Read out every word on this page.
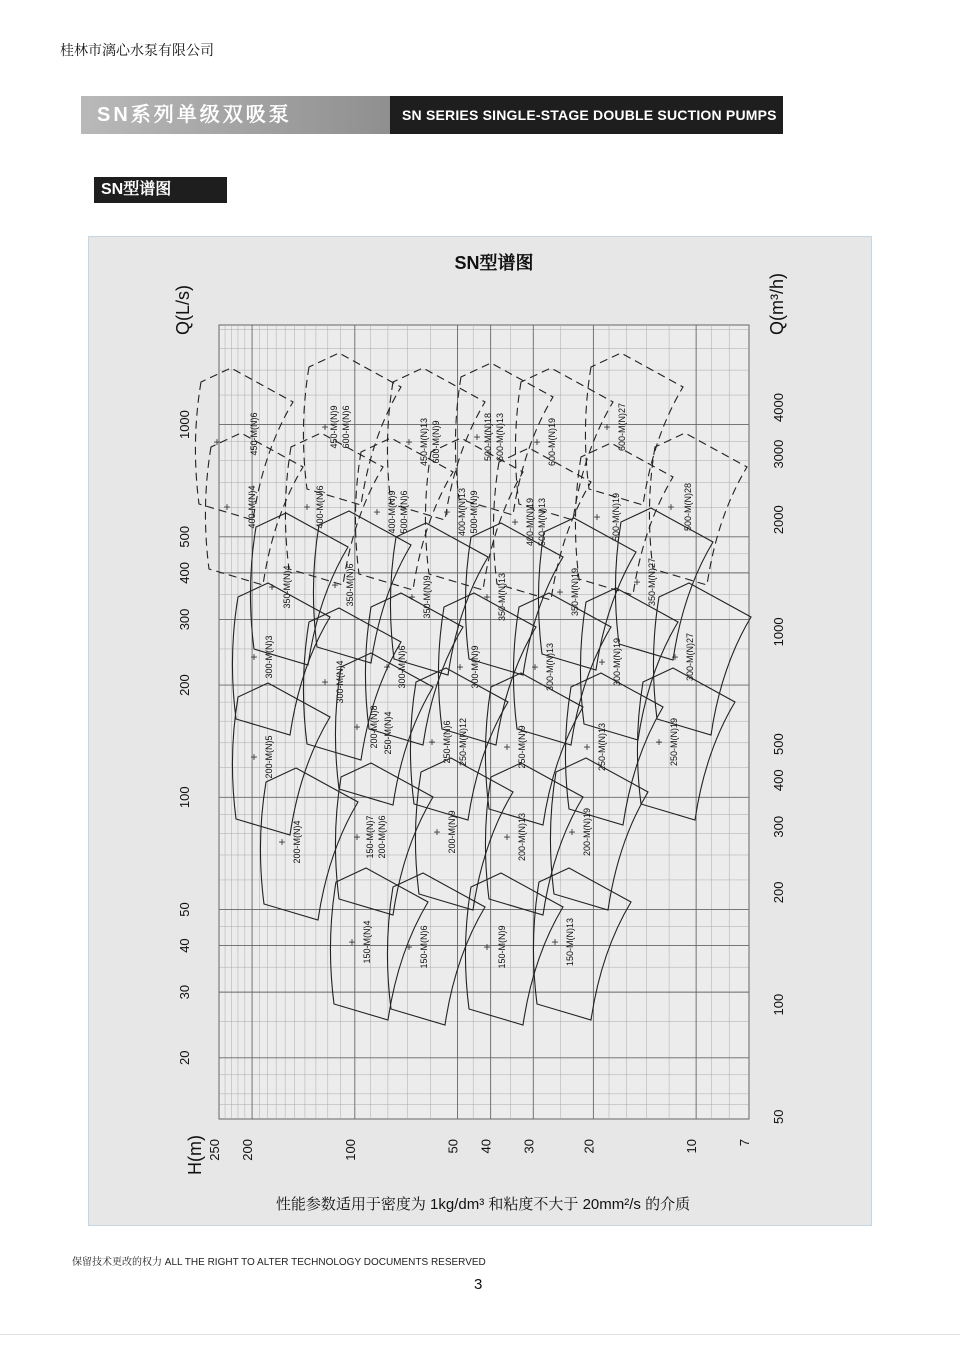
桂林市漓心水泵有限公司
SN系列单级双吸泵	SN SERIES SINGLE-STAGE DOUBLE SUCTION PUMPS
SN型谱图
SN型谱图
250 200	100	50 40 30	20	10	7
1000
500
400
300
200
100
50
40
30
20
4000
3000
2000
1000
500
400
300
200
100
50
H(m)
Q(L/s)	Q(m³/h)
性能参数适用于密度为 1kg/dm³ 和粘度不大于 20mm²/s 的介质
+	450-M(N)6	+ 450-M(N)9 600-M(N)6	+ 450-M(N)13 600-M(N)9	+ 500-M(N)18 600-M(N)13 + 600-M(N)19	+ 600-M(N)27
+ 400-M(N)4	+ 400-M(N)6	+ 400-M(N)9 500-M(N)6	+ 400-M(N)13 500-M(N)9	+ 400-M(N)19 500-M(N)13	+ 500-M(N)19	+ 500-M(N)28
+ 350-M(N)4	+ 350-M(N)6	+ 350-M(N)9	+ 350-M(N)13	+ 350-M(N)19	+ 350-M(N)27
+ 300-M(N)3
+ 300-M(N)4	+ 300-M(N)6	+ 300-M(N)9	+ 300-M(N)13	+ 300-M(N)19	+ 300-M(N)27
+ 200-M(N)5
+ 200-M(N)8 250-M(N)4	+ 250-M(N)6 250-M(N)12	+ 250-M(N)9	+ 250-M(N)13	+ 250-M(N)19
+ 200-M(N)4	+ 150-M(N)7 200-M(N)6	+ 200-M(N)9	+ 200-M(N)13	+ 200-M(N)19
+ 150-M(N)4	+ 150-M(N)6	+ 150-M(N)9	+ 150-M(N)13
保留技术更改的权力 ALL THE RIGHT TO ALTER TECHNOLOGY DOCUMENTS RESERVED
3
